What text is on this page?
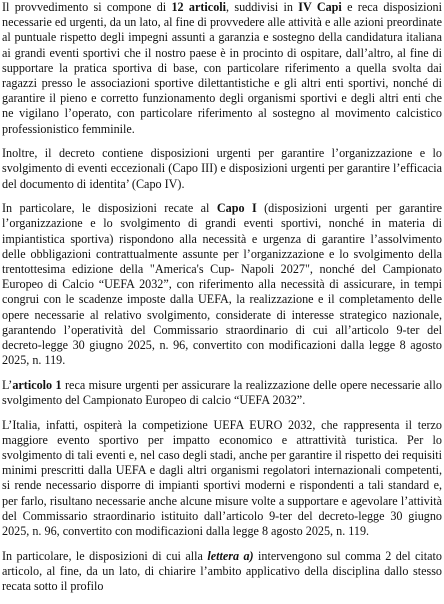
Il provvedimento si compone di 12 articoli, suddivisi in IV Capi e reca disposizioni necessarie ed urgenti, da un lato, al fine di provvedere alle attività e alle azioni preordinate al puntuale rispetto degli impegni assunti a garanzia e sostegno della candidatura italiana ai grandi eventi sportivi che il nostro paese è in procinto di ospitare, dall’altro, al fine di supportare la pratica sportiva di base, con particolare riferimento a quella svolta dai ragazzi presso le associazioni sportive dilettantistiche e gli altri enti sportivi, nonché di garantire il pieno e corretto funzionamento degli organismi sportivi e degli altri enti che ne vigilano l’operato, con particolare riferimento al sostegno al movimento calcistico professionistico femminile.

Inoltre, il decreto contiene disposizioni urgenti per garantire l’organizzazione e lo svolgimento di eventi eccezionali (Capo III) e disposizioni urgenti per garantire l’efficacia del documento di identita’ (Capo IV).

In particolare, le disposizioni recate al Capo I (disposizioni urgenti per garantire l’organizzazione e lo svolgimento di grandi eventi sportivi, nonché in materia di impiantistica sportiva) rispondono alla necessità e urgenza di garantire l’assolvimento delle obbligazioni contrattualmente assunte per l’organizzazione e lo svolgimento della trentottesima edizione della "America's Cup- Napoli 2027", nonché del Campionato Europeo di Calcio “UEFA 2032”, con riferimento alla necessità di assicurare, in tempi congrui con le scadenze imposte dalla UEFA, la realizzazione e il completamento delle opere necessarie al relativo svolgimento, considerate di interesse strategico nazionale, garantendo l’operatività del Commissario straordinario di cui all’articolo 9-ter del decreto-legge 30 giugno 2025, n. 96, convertito con modificazioni dalla legge 8 agosto 2025, n. 119.

L’articolo 1 reca misure urgenti per assicurare la realizzazione delle opere necessarie allo svolgimento del Campionato Europeo di calcio “UEFA 2032”.

L’Italia, infatti, ospiterà la competizione UEFA EURO 2032, che rappresenta il terzo maggiore evento sportivo per impatto economico e attrattività turistica. Per lo svolgimento di tali eventi e, nel caso degli stadi, anche per garantire il rispetto dei requisiti minimi prescritti dalla UEFA e dagli altri organismi regolatori internazionali competenti, si rende necessario disporre di impianti sportivi moderni e rispondenti a tali standard e, per farlo, risultano necessarie anche alcune misure volte a supportare e agevolare l’attività del Commissario straordinario istituito dall’articolo 9-ter del decreto-legge 30 giugno 2025, n. 96, convertito con modificazioni dalla legge 8 agosto 2025, n. 119.

In particolare, le disposizioni di cui alla lettera a) intervengono sul comma 2 del citato articolo, al fine, da un lato, di chiarire l’ambito applicativo della disciplina dallo stesso recata sotto il profilo
